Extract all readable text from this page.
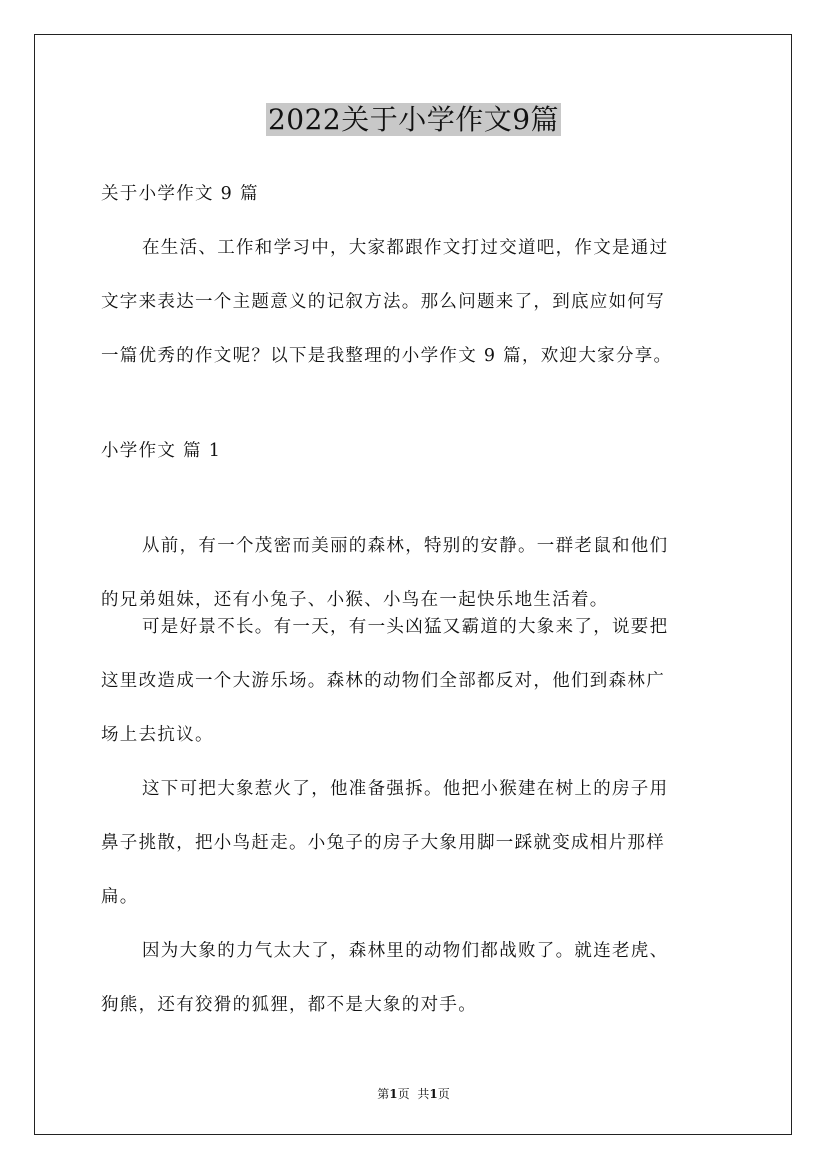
2022关于小学作文9篇

关于小学作文 9 篇

在生活、工作和学习中，大家都跟作文打过交道吧，作文是通过
文字来表达一个主题意义的记叙方法。那么问题来了，到底应如何写
一篇优秀的作文呢？以下是我整理的小学作文 9 篇，欢迎大家分享。

小学作文 篇 1

从前，有一个茂密而美丽的森林，特别的安静。一群老鼠和他们
的兄弟姐妹，还有小兔子、小猴、小鸟在一起快乐地生活着。
可是好景不长。有一天，有一头凶猛又霸道的大象来了，说要把
这里改造成一个大游乐场。森林的动物们全部都反对，他们到森林广
场上去抗议。
这下可把大象惹火了，他准备强拆。他把小猴建在树上的房子用
鼻子挑散，把小鸟赶走。小兔子的房子大象用脚一踩就变成相片那样
扁。
因为大象的力气太大了，森林里的动物们都战败了。就连老虎、
狗熊，还有狡猾的狐狸，都不是大象的对手。
第1页 共1页
